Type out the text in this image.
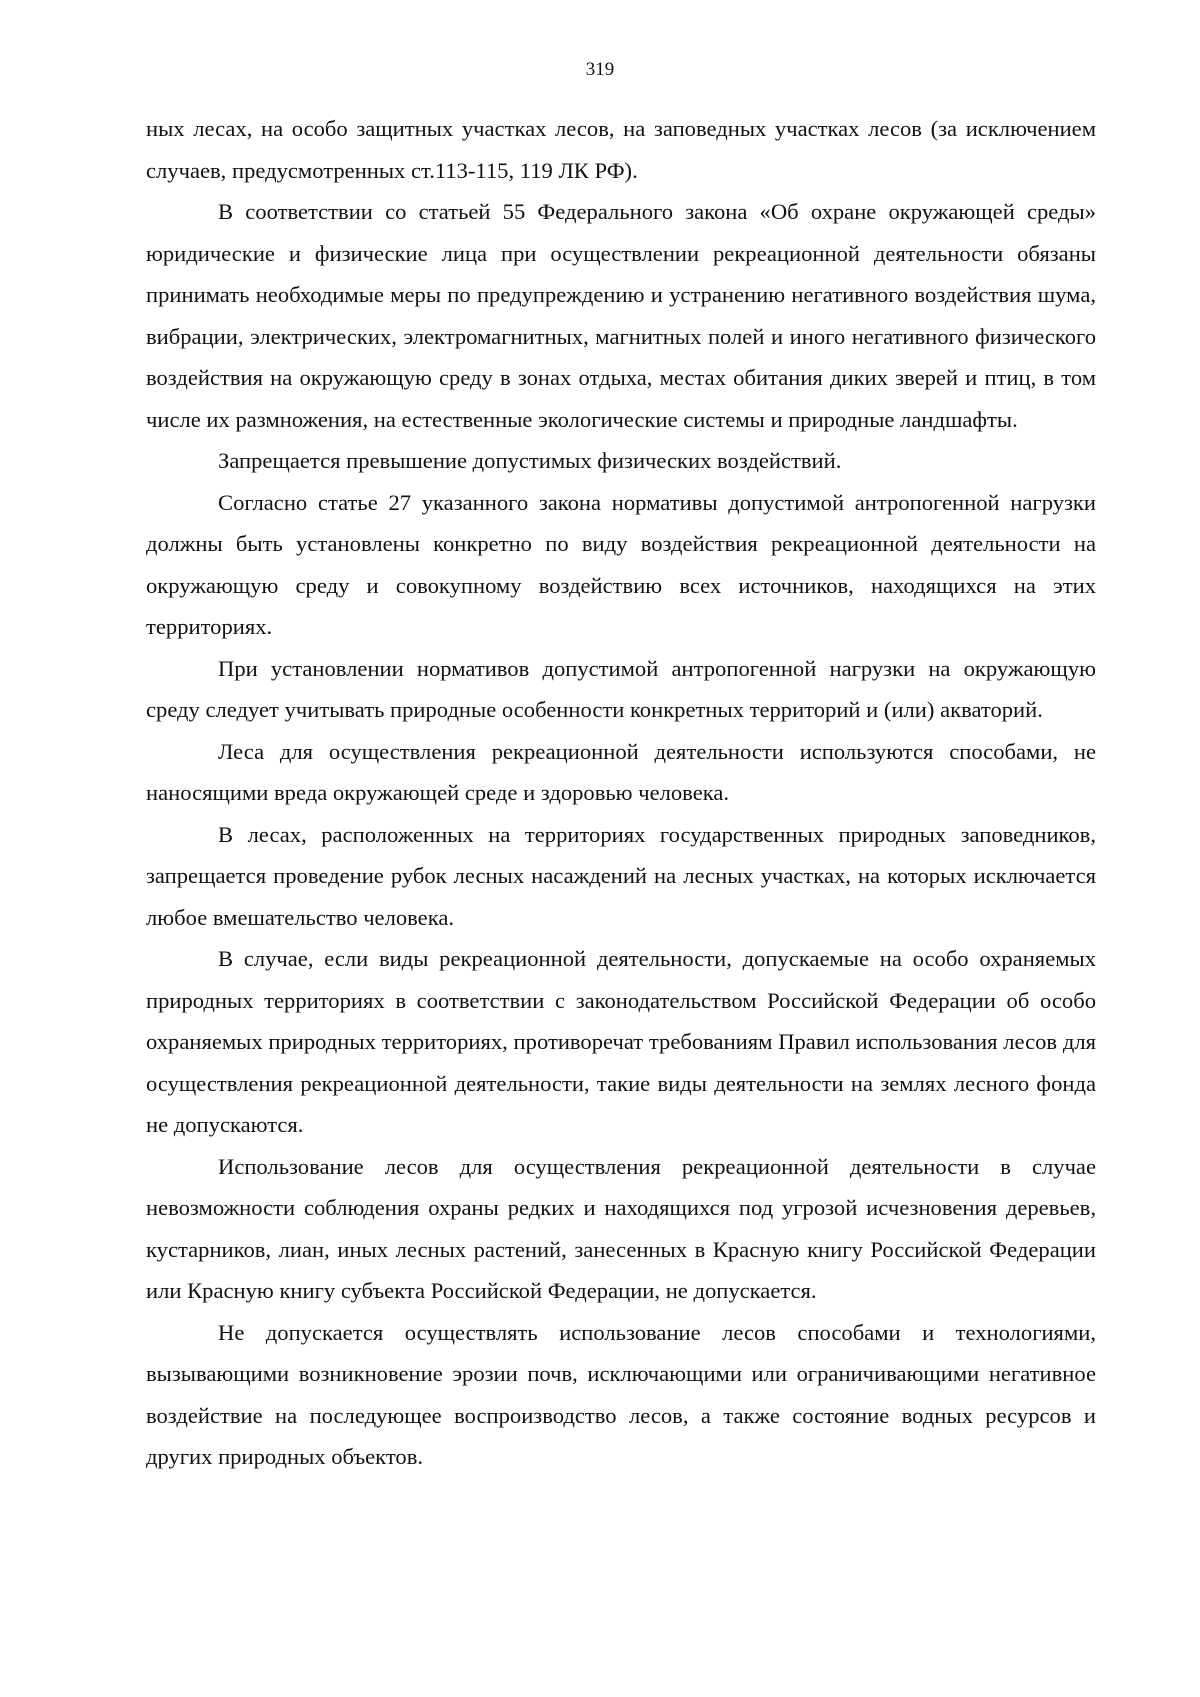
319

ных лесах, на особо защитных участках лесов, на заповедных участках лесов (за исключением случаев, предусмотренных ст.113-115, 119 ЛК РФ).

В соответствии со статьей 55 Федерального закона «Об охране окружающей среды» юридические и физические лица при осуществлении рекреационной деятельности обязаны принимать необходимые меры по предупреждению и устранению негативного воздействия шума, вибрации, электрических, электромагнитных, магнитных полей и иного негативного физического воздействия на окружающую среду в зонах отдыха, местах обитания диких зверей и птиц, в том числе их размножения, на естественные экологические системы и природные ландшафты.

Запрещается превышение допустимых физических воздействий.

Согласно статье 27 указанного закона нормативы допустимой антропогенной нагрузки должны быть установлены конкретно по виду воздействия рекреационной деятельности на окружающую среду и совокупному воздействию всех источников, находящихся на этих территориях.

При установлении нормативов допустимой антропогенной нагрузки на окружающую среду следует учитывать природные особенности конкретных территорий и (или) акваторий.

Леса для осуществления рекреационной деятельности используются способами, не наносящими вреда окружающей среде и здоровью человека.

В лесах, расположенных на территориях государственных природных заповедников, запрещается проведение рубок лесных насаждений на лесных участках, на которых исключается любое вмешательство человека.

В случае, если виды рекреационной деятельности, допускаемые на особо охраняемых природных территориях в соответствии с законодательством Российской Федерации об особо охраняемых природных территориях, противоречат требованиям Правил использования лесов для осуществления рекреационной деятельности, такие виды деятельности на землях лесного фонда не допускаются.

Использование лесов для осуществления рекреационной деятельности в случае невозможности соблюдения охраны редких и находящихся под угрозой исчезновения деревьев, кустарников, лиан, иных лесных растений, занесенных в Красную книгу Российской Федерации или Красную книгу субъекта Российской Федерации, не допускается.

Не допускается осуществлять использование лесов способами и технологиями, вызывающими возникновение эрозии почв, исключающими или ограничивающими негативное воздействие на последующее воспроизводство лесов, а также состояние водных ресурсов и других природных объектов.
